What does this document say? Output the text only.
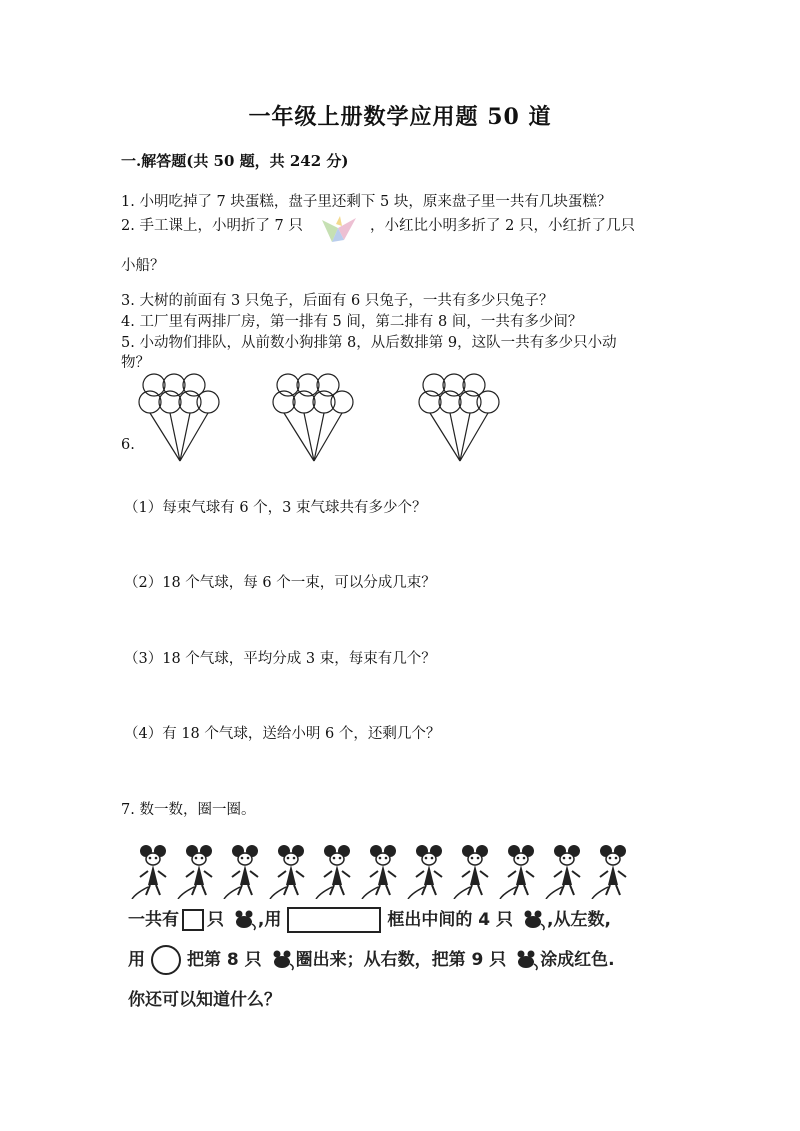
一年级上册数学应用题 50 道
一.解答题(共 50 题，共 242 分)
1. 小明吃掉了 7 块蛋糕，盘子里还剩下 5 块，原来盘子里一共有几块蛋糕？
2. 手工课上，小明折了 7 只	，小红比小明多折了 2 只，小红折了几只
小船？
3. 大树的前面有 3 只兔子，后面有 6 只兔子，一共有多少只兔子？
4. 工厂里有两排厂房，第一排有 5 间，第二排有 8 间，一共有多少间？
5. 小动物们排队，从前数小狗排第 8，从后数排第 9，这队一共有多少只小动
物？
6.
（1）每束气球有 6 个，3 束气球共有多少个？
（2）18 个气球，每 6 个一束，可以分成几束？
（3）18 个气球，平均分成 3 束，每束有几个？
（4）有 18 个气球，送给小明 6 个，还剩几个？
7. 数一数，圈一圈。
一共有 只 ,用	框出中间的 4 只 ,从左数,
用 把第 8 只 圈出来；从右数，把第 9 只 涂成红色.
你还可以知道什么？
